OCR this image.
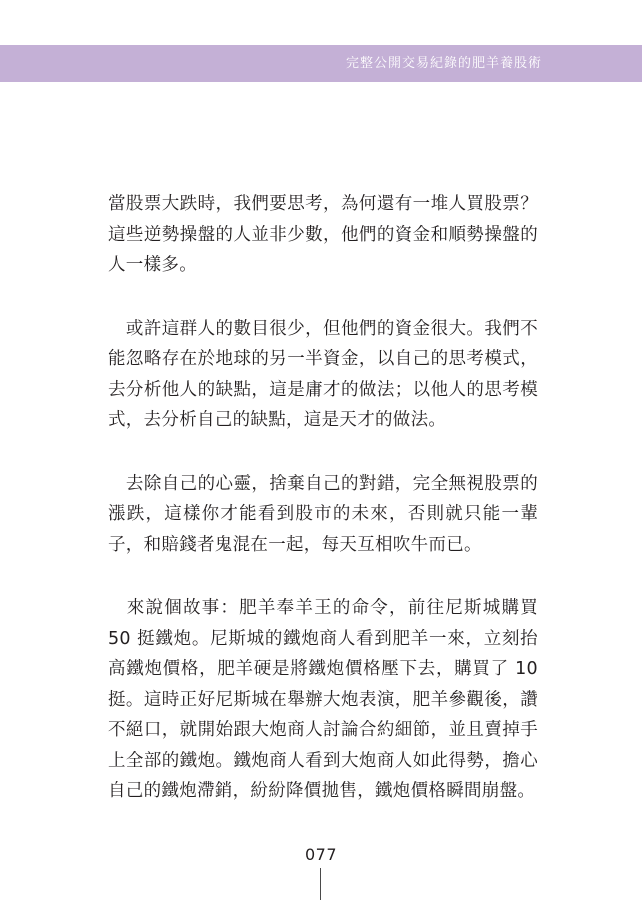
完整公開交易紀錄的肥羊養股術

當股票大跌時，我們要思考，為何還有一堆人買股票？這些逆勢操盤的人並非少數，他們的資金和順勢操盤的人一樣多。

　或許這群人的數目很少，但他們的資金很大。我們不能忽略存在於地球的另一半資金，以自己的思考模式，去分析他人的缺點，這是庸才的做法；以他人的思考模式，去分析自己的缺點，這是天才的做法。

　去除自己的心靈，捨棄自己的對錯，完全無視股票的漲跌，這樣你才能看到股市的未來，否則就只能一輩子，和賠錢者鬼混在一起，每天互相吹牛而已。

　來說個故事：肥羊奉羊王的命令，前往尼斯城購買 50 挺鐵炮。尼斯城的鐵炮商人看到肥羊一來，立刻抬高鐵炮價格，肥羊硬是將鐵炮價格壓下去，購買了 10 挺。這時正好尼斯城在舉辦大炮表演，肥羊參觀後，讚不絕口，就開始跟大炮商人討論合約細節，並且賣掉手上全部的鐵炮。鐵炮商人看到大炮商人如此得勢，擔心自己的鐵炮滯銷，紛紛降價拋售，鐵炮價格瞬間崩盤。

077
